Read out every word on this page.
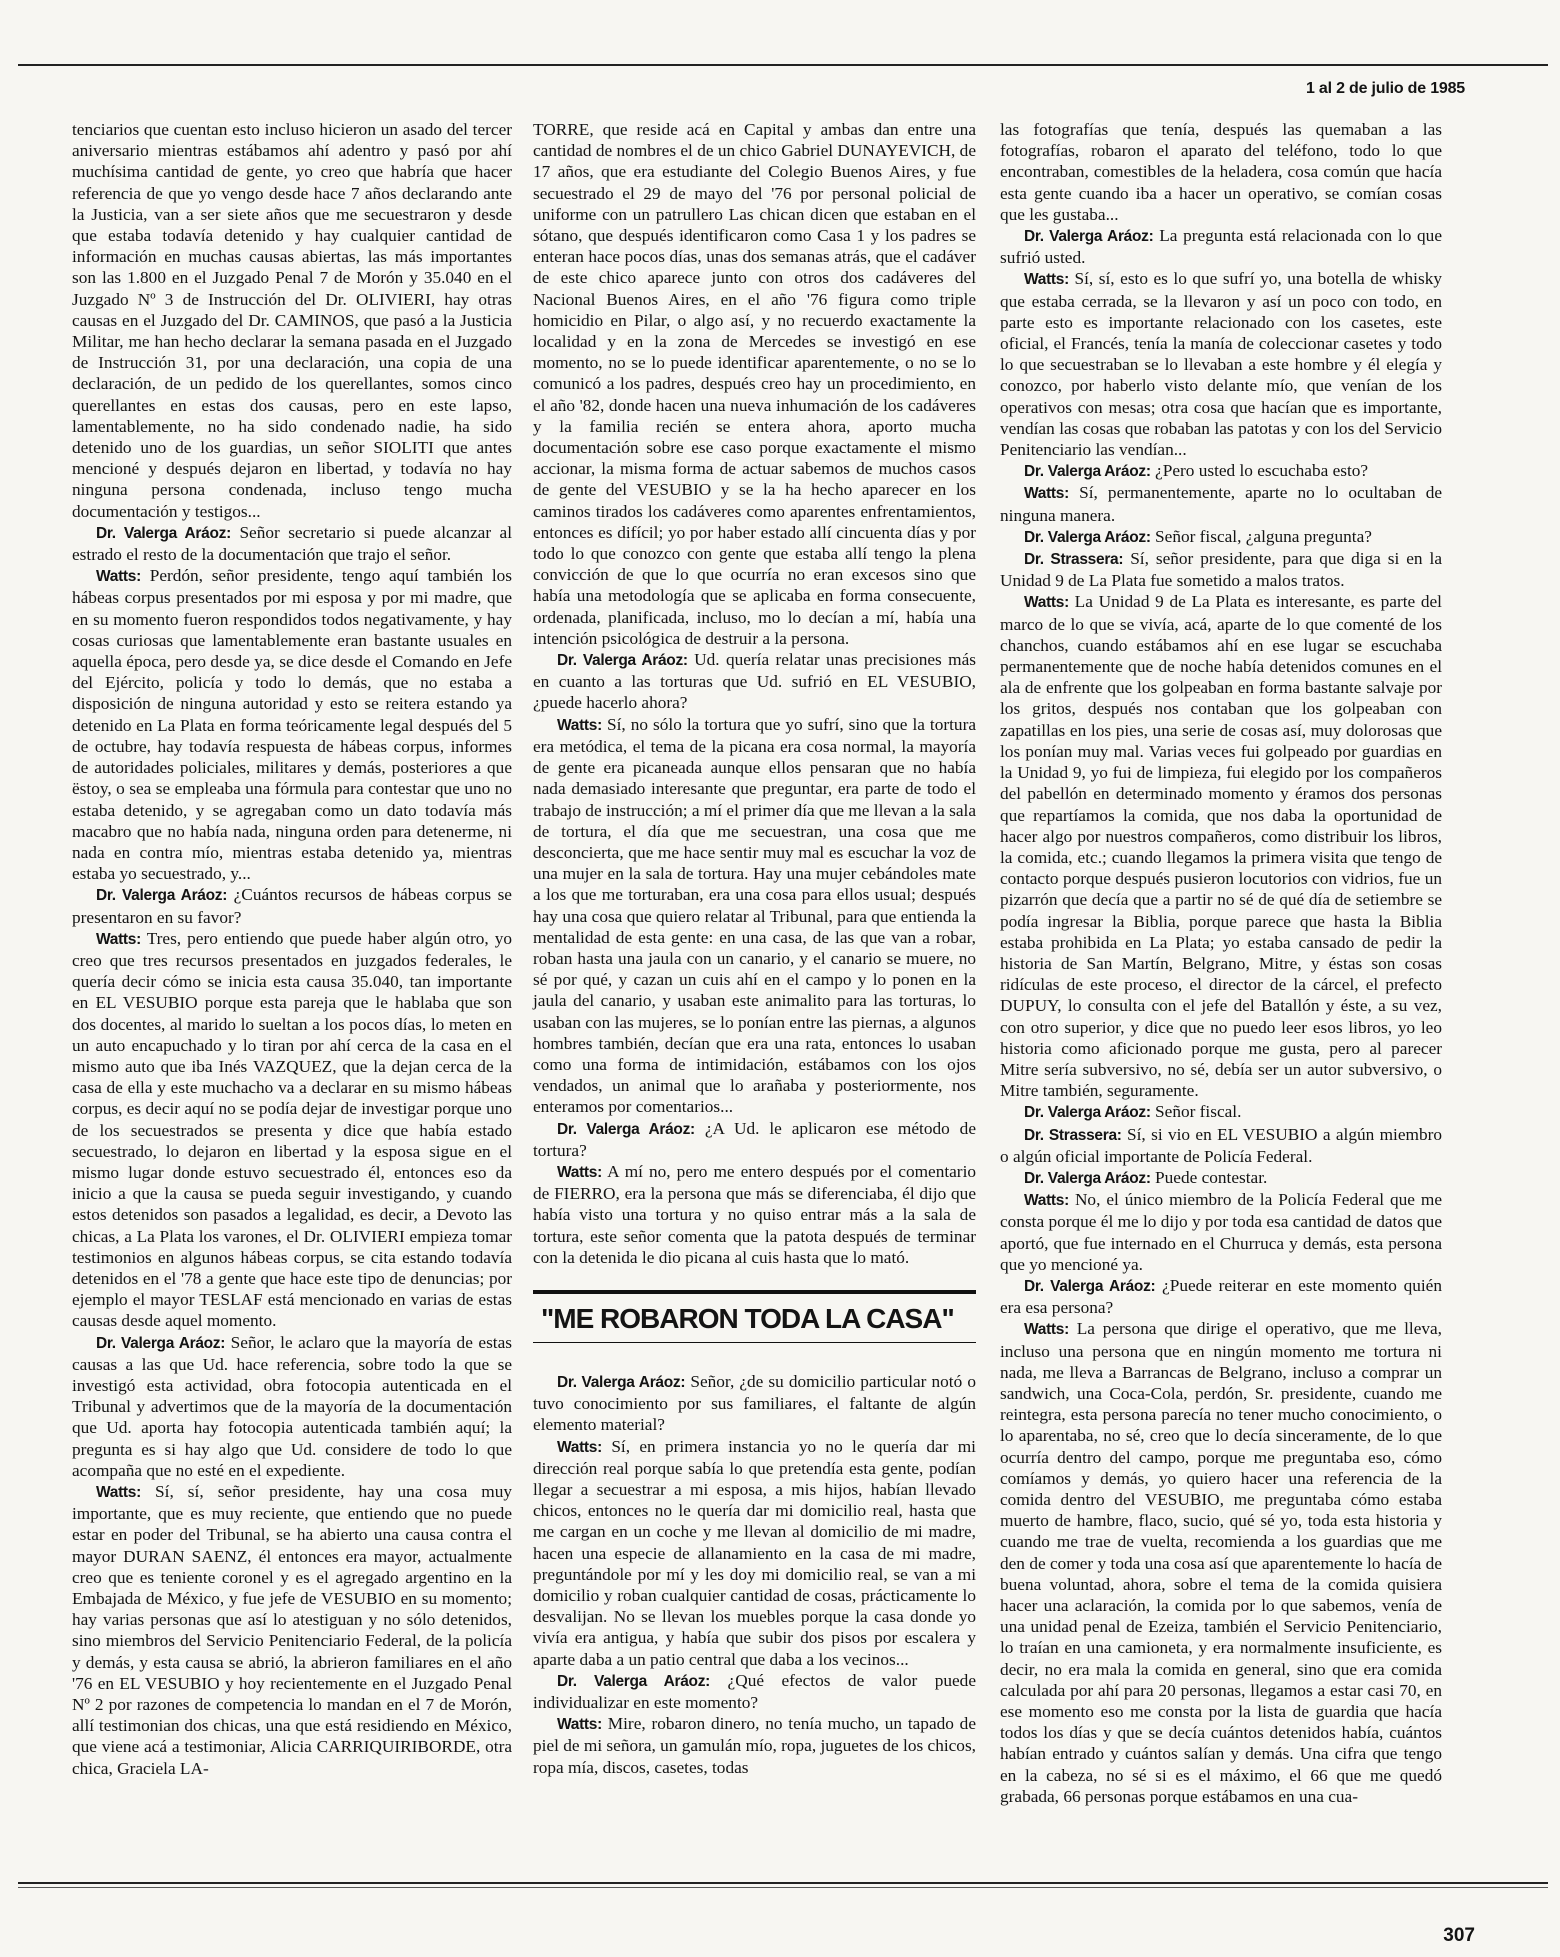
1 al 2 de julio de 1985

tenciarios que cuentan esto incluso hicieron un asado del tercer aniversario mientras estábamos ahí adentro y pasó por ahí muchísima cantidad de gente, yo creo que habría que hacer referencia de que yo vengo desde hace 7 años declarando ante la Justicia, van a ser siete años que me secuestraron y desde que estaba todavía detenido y hay cualquier cantidad de información en muchas causas abiertas, las más importantes son las 1.800 en el Juzgado Penal 7 de Morón y 35.040 en el Juzgado Nº 3 de Instrucción del Dr. OLIVIERI, hay otras causas en el Juzgado del Dr. CAMINOS, que pasó a la Justicia Militar, me han hecho declarar la semana pasada en el Juzgado de Instrucción 31, por una declaración, una copia de una declaración, de un pedido de los querellantes, somos cinco querellantes en estas dos causas, pero en este lapso, lamentablemente, no ha sido condenado nadie, ha sido detenido uno de los guardias, un señor SIOLITI que antes mencioné y después dejaron en libertad, y todavía no hay ninguna persona condenada, incluso tengo mucha documentación y testigos...

Dr. Valerga Aráoz: Señor secretario si puede alcanzar al estrado el resto de la documentación que trajo el señor.

Watts: Perdón, señor presidente, tengo aquí también los hábeas corpus presentados por mi esposa y por mi madre, que en su momento fueron respondidos todos negativamente, y hay cosas curiosas que lamentablemente eran bastante usuales en aquella época, pero desde ya, se dice desde el Comando en Jefe del Ejército, policía y todo lo demás, que no estaba a disposición de ninguna autoridad y esto se reitera estando ya detenido en La Plata en forma teóricamente legal después del 5 de octubre, hay todavía respuesta de hábeas corpus, informes de autoridades policiales, militares y demás, posteriores a que ëstoy, o sea se empleaba una fórmula para contestar que uno no estaba detenido, y se agregaban como un dato todavía más macabro que no había nada, ninguna orden para detenerme, ni nada en contra mío, mientras estaba detenido ya, mientras estaba yo secuestrado, y...

Dr. Valerga Aráoz: ¿Cuántos recursos de hábeas corpus se presentaron en su favor?

Watts: Tres, pero entiendo que puede haber algún otro, yo creo que tres recursos presentados en juzgados federales, le quería decir cómo se inicia esta causa 35.040, tan importante en EL VESUBIO porque esta pareja que le hablaba que son dos docentes, al marido lo sueltan a los pocos días, lo meten en un auto encapuchado y lo tiran por ahí cerca de la casa en el mismo auto que iba Inés VAZQUEZ, que la dejan cerca de la casa de ella y este muchacho va a declarar en su mismo hábeas corpus, es decir aquí no se podía dejar de investigar porque uno de los secuestrados se presenta y dice que había estado secuestrado, lo dejaron en libertad y la esposa sigue en el mismo lugar donde estuvo secuestrado él, entonces eso da inicio a que la causa se pueda seguir investigando, y cuando estos detenidos son pasados a legalidad, es decir, a Devoto las chicas, a La Plata los varones, el Dr. OLIVIERI empieza tomar testimonios en algunos hábeas corpus, se cita estando todavía detenidos en el '78 a gente que hace este tipo de denuncias; por ejemplo el mayor TESLAF está mencionado en varias de estas causas desde aquel momento.

Dr. Valerga Aráoz: Señor, le aclaro que la mayoría de estas causas a las que Ud. hace referencia, sobre todo la que se investigó esta actividad, obra fotocopia autenticada en el Tribunal y advertimos que de la mayoría de la documentación que Ud. aporta hay fotocopia autenticada también aquí; la pregunta es si hay algo que Ud. considere de todo lo que acompaña que no esté en el expediente.

Watts: Sí, sí, señor presidente, hay una cosa muy importante, que es muy reciente, que entiendo que no puede estar en poder del Tribunal, se ha abierto una causa contra el mayor DURAN SAENZ, él entonces era mayor, actualmente creo que es teniente coronel y es el agregado argentino en la Embajada de México, y fue jefe de VESUBIO en su momento; hay varias personas que así lo atestiguan y no sólo detenidos, sino miembros del Servicio Penitenciario Federal, de la policía y demás, y esta causa se abrió, la abrieron familiares en el año '76 en EL VESUBIO y hoy recientemente en el Juzgado Penal Nº 2 por razones de competencia lo mandan en el 7 de Morón, allí testimonian dos chicas, una que está residiendo en México, que viene acá a testimoniar, Alicia CARRIQUIRIBORDE, otra chica, Graciela LA-

TORRE, que reside acá en Capital y ambas dan entre una cantidad de nombres el de un chico Gabriel DUNAYEVICH, de 17 años, que era estudiante del Colegio Buenos Aires, y fue secuestrado el 29 de mayo del '76 por personal policial de uniforme con un patrullero Las chican dicen que estaban en el sótano, que después identificaron como Casa 1 y los padres se enteran hace pocos días, unas dos semanas atrás, que el cadáver de este chico aparece junto con otros dos cadáveres del Nacional Buenos Aires, en el año '76 figura como triple homicidio en Pilar, o algo así, y no recuerdo exactamente la localidad y en la zona de Mercedes se investigó en ese momento, no se lo puede identificar aparentemente, o no se lo comunicó a los padres, después creo hay un procedimiento, en el año '82, donde hacen una nueva inhumación de los cadáveres y la familia recién se entera ahora, aporto mucha documentación sobre ese caso porque exactamente el mismo accionar, la misma forma de actuar sabemos de muchos casos de gente del VESUBIO y se la ha hecho aparecer en los caminos tirados los cadáveres como aparentes enfrentamientos, entonces es difícil; yo por haber estado allí cincuenta días y por todo lo que conozco con gente que estaba allí tengo la plena convicción de que lo que ocurría no eran excesos sino que había una metodología que se aplicaba en forma consecuente, ordenada, planificada, incluso, mo lo decían a mí, había una intención psicológica de destruir a la persona.

Dr. Valerga Aráoz: Ud. quería relatar unas precisiones más en cuanto a las torturas que Ud. sufrió en EL VESUBIO, ¿puede hacerlo ahora?

Watts: Sí, no sólo la tortura que yo sufrí, sino que la tortura era metódica, el tema de la picana era cosa normal, la mayoría de gente era picaneada aunque ellos pensaran que no había nada demasiado interesante que preguntar, era parte de todo el trabajo de instrucción; a mí el primer día que me llevan a la sala de tortura, el día que me secuestran, una cosa que me desconcierta, que me hace sentir muy mal es escuchar la voz de una mujer en la sala de tortura. Hay una mujer cebándoles mate a los que me torturaban, era una cosa para ellos usual; después hay una cosa que quiero relatar al Tribunal, para que entienda la mentalidad de esta gente: en una casa, de las que van a robar, roban hasta una jaula con un canario, y el canario se muere, no sé por qué, y cazan un cuis ahí en el campo y lo ponen en la jaula del canario, y usaban este animalito para las torturas, lo usaban con las mujeres, se lo ponían entre las piernas, a algunos hombres también, decían que era una rata, entonces lo usaban como una forma de intimidación, estábamos con los ojos vendados, un animal que lo arañaba y posteriormente, nos enteramos por comentarios...

Dr. Valerga Aráoz: ¿A Ud. le aplicaron ese método de tortura?

Watts: A mí no, pero me entero después por el comentario de FIERRO, era la persona que más se diferenciaba, él dijo que había visto una tortura y no quiso entrar más a la sala de tortura, este señor comenta que la patota después de terminar con la detenida le dio picana al cuis hasta que lo mató.

"ME ROBARON TODA LA CASA"

Dr. Valerga Aráoz: Señor, ¿de su domicilio particular notó o tuvo conocimiento por sus familiares, el faltante de algún elemento material?

Watts: Sí, en primera instancia yo no le quería dar mi dirección real porque sabía lo que pretendía esta gente, podían llegar a secuestrar a mi esposa, a mis hijos, habían llevado chicos, entonces no le quería dar mi domicilio real, hasta que me cargan en un coche y me llevan al domicilio de mi madre, hacen una especie de allanamiento en la casa de mi madre, preguntándole por mí y les doy mi domicilio real, se van a mi domicilio y roban cualquier cantidad de cosas, prácticamente lo desvalijan. No se llevan los muebles porque la casa donde yo vivía era antigua, y había que subir dos pisos por escalera y aparte daba a un patio central que daba a los vecinos...

Dr. Valerga Aráoz: ¿Qué efectos de valor puede individualizar en este momento?

Watts: Mire, robaron dinero, no tenía mucho, un tapado de piel de mi señora, un gamulán mío, ropa, juguetes de los chicos, ropa mía, discos, casetes, todas

las fotografías que tenía, después las quemaban a las fotografías, robaron el aparato del teléfono, todo lo que encontraban, comestibles de la heladera, cosa común que hacía esta gente cuando iba a hacer un operativo, se comían cosas que les gustaba...

Dr. Valerga Aráoz: La pregunta está relacionada con lo que sufrió usted.

Watts: Sí, sí, esto es lo que sufrí yo, una botella de whisky que estaba cerrada, se la llevaron y así un poco con todo, en parte esto es importante relacionado con los casetes, este oficial, el Francés, tenía la manía de coleccionar casetes y todo lo que secuestraban se lo llevaban a este hombre y él elegía y conozco, por haberlo visto delante mío, que venían de los operativos con mesas; otra cosa que hacían que es importante, vendían las cosas que robaban las patotas y con los del Servicio Penitenciario las vendían...

Dr. Valerga Aráoz: ¿Pero usted lo escuchaba esto?

Watts: Sí, permanentemente, aparte no lo ocultaban de ninguna manera.

Dr. Valerga Aráoz: Señor fiscal, ¿alguna pregunta?

Dr. Strassera: Sí, señor presidente, para que diga si en la Unidad 9 de La Plata fue sometido a malos tratos.

Watts: La Unidad 9 de La Plata es interesante, es parte del marco de lo que se vivía, acá, aparte de lo que comenté de los chanchos, cuando estábamos ahí en ese lugar se escuchaba permanentemente que de noche había detenidos comunes en el ala de enfrente que los golpeaban en forma bastante salvaje por los gritos, después nos contaban que los golpeaban con zapatillas en los pies, una serie de cosas así, muy dolorosas que los ponían muy mal. Varias veces fui golpeado por guardias en la Unidad 9, yo fui de limpieza, fui elegido por los compañeros del pabellón en determinado momento y éramos dos personas que repartíamos la comida, que nos daba la oportunidad de hacer algo por nuestros compañeros, como distribuir los libros, la comida, etc.; cuando llegamos la primera visita que tengo de contacto porque después pusieron locutorios con vidrios, fue un pizarrón que decía que a partir no sé de qué día de setiembre se podía ingresar la Biblia, porque parece que hasta la Biblia estaba prohibida en La Plata; yo estaba cansado de pedir la historia de San Martín, Belgrano, Mitre, y éstas son cosas ridículas de este proceso, el director de la cárcel, el prefecto DUPUY, lo consulta con el jefe del Batallón y éste, a su vez, con otro superior, y dice que no puedo leer esos libros, yo leo historia como aficionado porque me gusta, pero al parecer Mitre sería subversivo, no sé, debía ser un autor subversivo, o Mitre también, seguramente.

Dr. Valerga Aráoz: Señor fiscal.

Dr. Strassera: Sí, si vio en EL VESUBIO a algún miembro o algún oficial importante de Policía Federal.

Dr. Valerga Aráoz: Puede contestar.

Watts: No, el único miembro de la Policía Federal que me consta porque él me lo dijo y por toda esa cantidad de datos que aportó, que fue internado en el Churruca y demás, esta persona que yo mencioné ya.

Dr. Valerga Aráoz: ¿Puede reiterar en este momento quién era esa persona?

Watts: La persona que dirige el operativo, que me lleva, incluso una persona que en ningún momento me tortura ni nada, me lleva a Barrancas de Belgrano, incluso a comprar un sandwich, una Coca-Cola, perdón, Sr. presidente, cuando me reintegra, esta persona parecía no tener mucho conocimiento, o lo aparentaba, no sé, creo que lo decía sinceramente, de lo que ocurría dentro del campo, porque me preguntaba eso, cómo comíamos y demás, yo quiero hacer una referencia de la comida dentro del VESUBIO, me preguntaba cómo estaba muerto de hambre, flaco, sucio, qué sé yo, toda esta historia y cuando me trae de vuelta, recomienda a los guardias que me den de comer y toda una cosa así que aparentemente lo hacía de buena voluntad, ahora, sobre el tema de la comida quisiera hacer una aclaración, la comida por lo que sabemos, venía de una unidad penal de Ezeiza, también el Servicio Penitenciario, lo traían en una camioneta, y era normalmente insuficiente, es decir, no era mala la comida en general, sino que era comida calculada por ahí para 20 personas, llegamos a estar casi 70, en ese momento eso me consta por la lista de guardia que hacía todos los días y que se decía cuántos detenidos había, cuántos habían entrado y cuántos salían y demás. Una cifra que tengo en la cabeza, no sé si es el máximo, el 66 que me quedó grabada, 66 personas porque estábamos en una cua-

307
